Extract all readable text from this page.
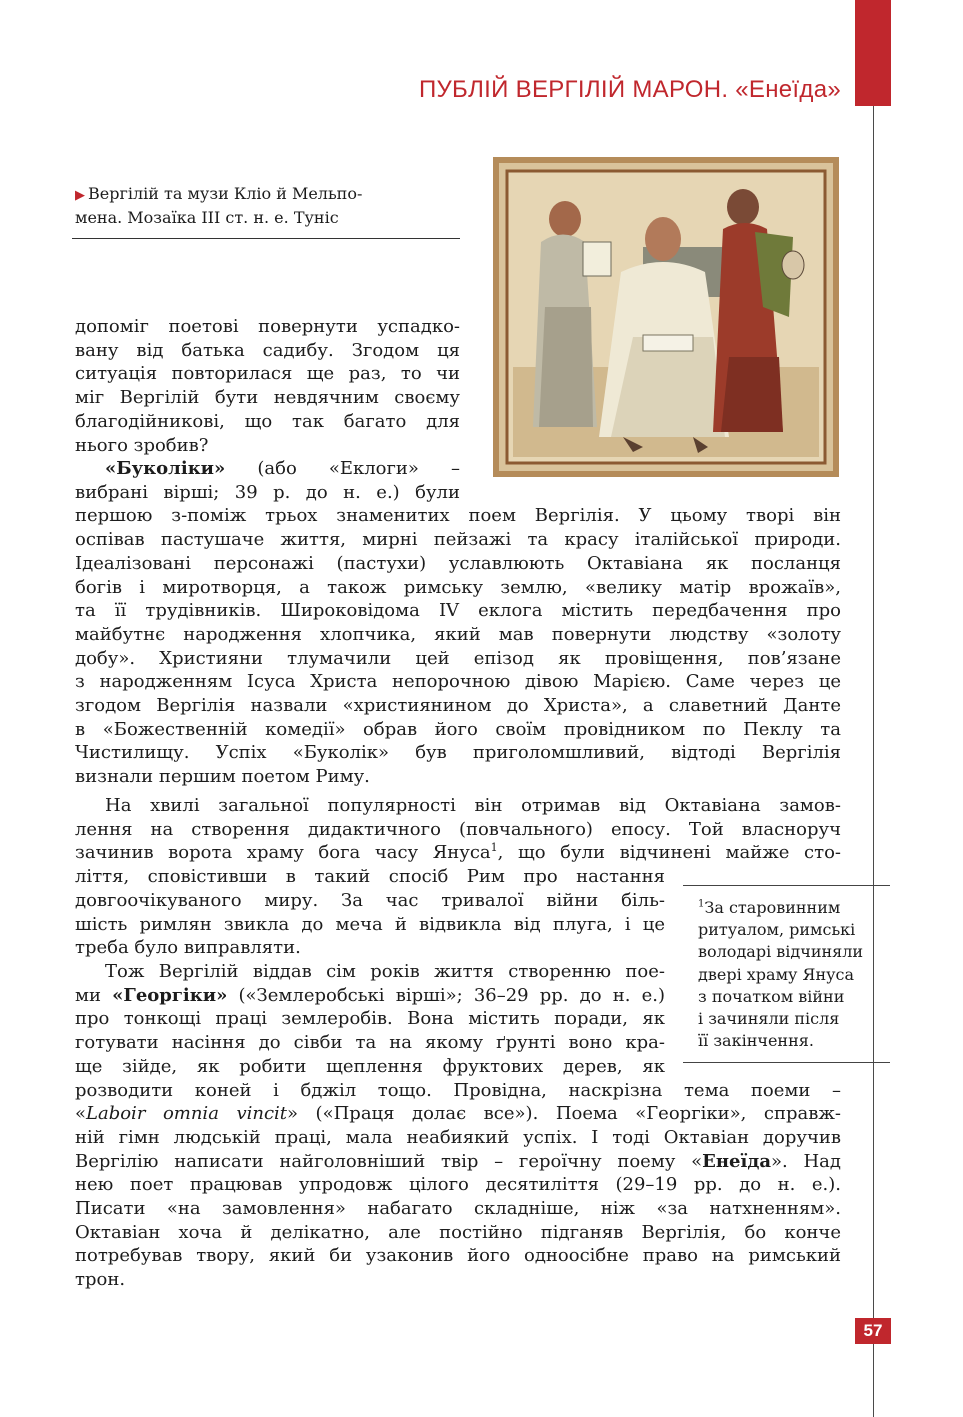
ПУБЛІЙ ВЕРГІЛІЙ МАРОН. «Енеїда»

▶ Вергілій та музи Кліо й Мельпо-
мена. Мозаїка ІІІ ст. н. е. Туніс

допоміг поетові повернути успадко-
вану від батька садибу. Згодом ця
ситуація повторилася ще раз, то чи
міг Вергілій бути невдячним своєму
благодійникові, що так багато для
нього зробив?

«Буколіки» (або «Еклоги» –
вибрані вірші; 39 р. до н. е.) були
першою з-поміж трьох знаменитих поем Вергілія. У цьому творі він
оспівав пастушаче життя, мирні пейзажі та красу італійської природи.
Ідеалізовані персонажі (пастухи) уславлюють Октавіана як посланця
богів і миротворця, а також римську землю, «велику матір врожаїв»,
та її трудівників. Широковідома IV еклога містить передбачення про
майбутнє народження хлопчика, який мав повернути людству «золоту
добу». Християни тлумачили цей епізод як провіщення, пов’язане
з народженням Ісуса Христа непорочною дівою Марією. Саме через це
згодом Вергілія назвали «християнином до Христа», а славетний Данте
в «Божественній комедії» обрав його своїм провідником по Пеклу та
Чистилищу. Успіх «Буколік» був приголомшливий, відтоді Вергілія
визнали першим поетом Риму.

На хвилі загальної популярності він отримав від Октавіана замов-
лення на створення дидактичного (повчального) епосу. Той власноруч
зачинив ворота храму бога часу Януса$^1$, що були відчинені майже сто-
ліття, сповістивши в такий спосіб Рим про настання
довгоочікуваного миру. За час тривалої війни біль-
шість римлян звикла до меча й відвикла від плуга, і це
треба було виправляти.

Тож Вергілій віддав сім років життя створенню пое-
ми «Георгіки» («Землеробські вірші»; 36–29 рр. до н. е.)
про тонкощі праці землеробів. Вона містить поради, як
готувати насіння до сівби та на якому ґрунті воно кра-
ще зійде, як робити щеплення фруктових дерев, як
розводити коней і бджіл тощо. Провідна, наскрізна тема поеми –
«Laboir omnia vincit» («Праця долає все»). Поема «Георгіки», справж-
ній гімн людській праці, мала неабиякий успіх. І тоді Октавіан доручив
Вергілію написати найголовніший твір – героїчну поему «Енеїда». Над
нею поет працював упродовж цілого десятиліття (29–19 рр. до н. е.).
Писати «на замовлення» набагато складніше, ніж «за натхненням».
Октавіан хоча й делікатно, але постійно підганяв Вергілія, бо конче
потребував твору, який би узаконив його одноосібне право на римський
трон.

$^1$За старовинним
ритуалом, римські
володарі відчиняли
двері храму Януса
з початком війни
і зачиняли після
її закінчення.

57
